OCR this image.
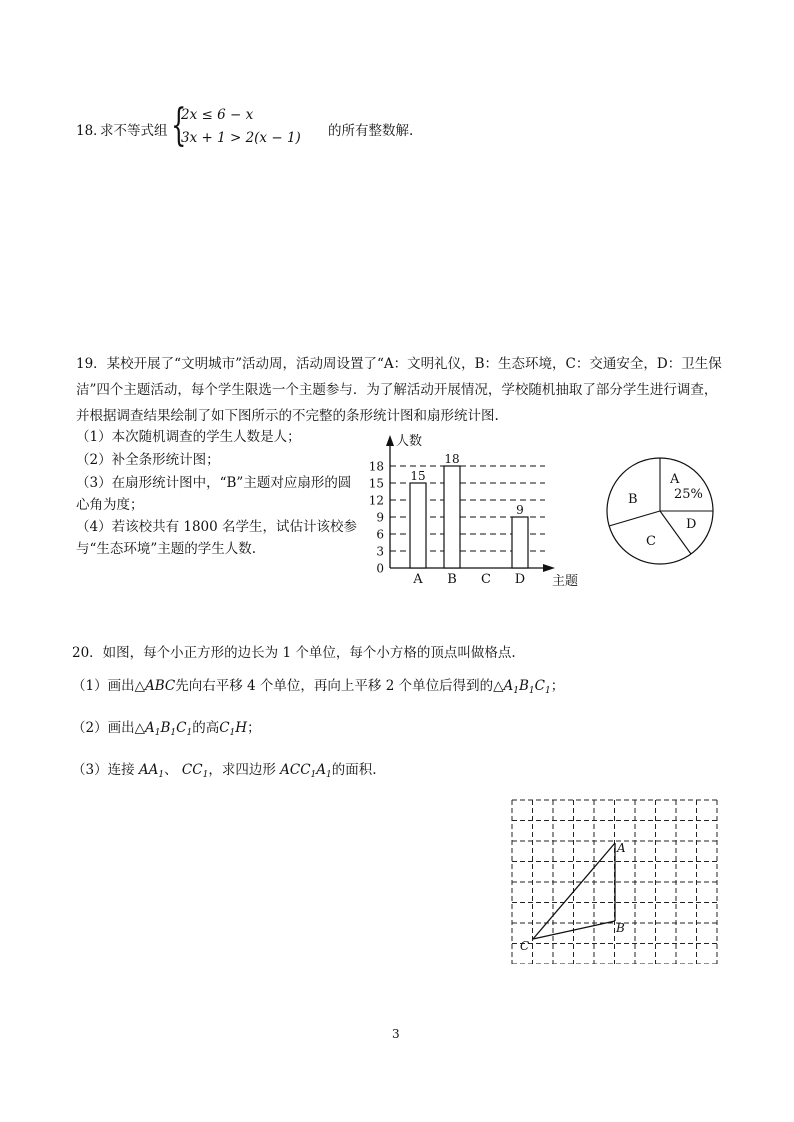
18．
求不等式组 {
2x ≤ 6 − x
3x + 1 > 2(x − 1) 的所有整数解.
19．某校开展了“文明城市”活动周，活动周设置了“A：文明礼仪，B：生态环境，C：交通安全，D：卫生保洁”四个主题活动，每个学生限选一个主题参与．为了解活动开展情况，学校随机抽取了部分学生进行调查，并根据调查结果绘制了如下图所示的不完整的条形统计图和扇形统计图.
（1）本次随机调查的学生人数是人；
（2）补全条形统计图；
（3）在扇形统计图中，“B”主题对应扇形的圆心角为度；
（4）若该校共有 1800 名学生，试估计该校参与“生态环境”主题的学生人数.
0
3
6
9
12
15
18
人数
主题
A
15
B
18
C D
9
A
25%
B
C
D
20．如图，每个小正方形的边长为 1 个单位，每个小方格的顶点叫做格点.
（1）画出△ABC先向右平移 4 个单位，再向上平移 2 个单位后得到的$\triangle A_1B_1C_1$；
（2）画出$\triangle A_1B_1C_1$的高$C_1H$；
（3）连接 $AA_1$、 $CC_1$，求四边形 $ACC_1A_1$的面积.
A
B
C
3
